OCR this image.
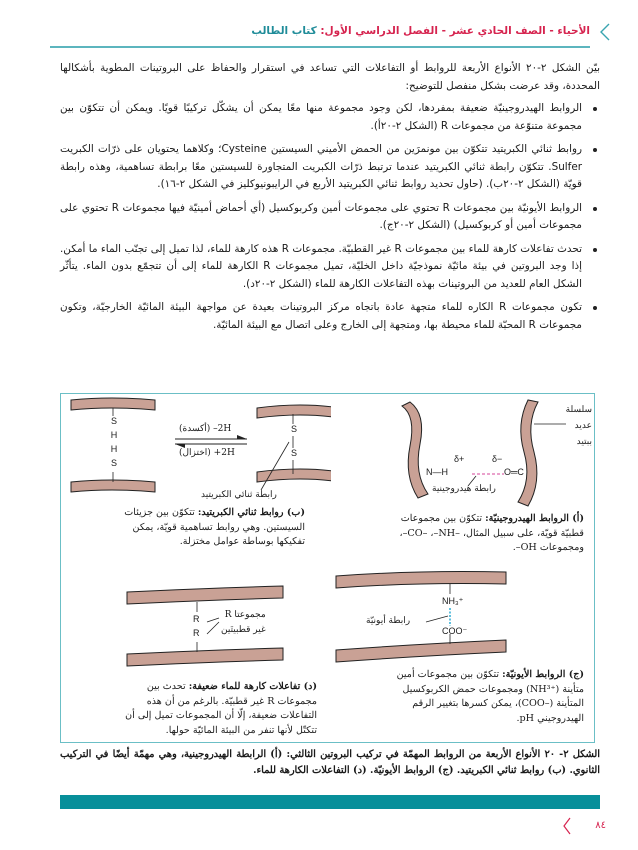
الأحياء - الصف الحادي عشر - الفصل الدراسي الأول: كتاب الطالب

بيّن الشكل ٢-٢٠ الأنواع الأربعة للروابط أو التفاعلات التي تساعد في استقرار والحفاظ على البروتينات المطوية بأشكالها المحددة، وقد عرضت بشكل منفصل للتوضيح:

الروابط الهيدروجينيّة ضعيفة بمفردها، لكن وجود مجموعة منها معًا يمكن أن يشكّل تركيبًا قويًا. ويمكن أن تتكوّن بين مجموعة متنوّعة من مجموعات R (الشكل ٢-٢٠أ).
روابط ثنائي الكبريتيد تتكوّن بين مونمرَين من الحمض الأميني السيستين Cysteine؛ وكلاهما يحتويان على ذرّات الكبريت Sulfer. تتكوّن رابطة ثنائي الكبريتيد عندما ترتبط ذرّات الكبريت المتجاورة للسيستين معًا برابطة تساهمية، وهذه رابطة قويّة (الشكل ٢-٢٠ب). (حاول تحديد روابط ثنائي الكبريتيد الأربع في الرايبونيوكليز في الشكل ٢-١٦).
الروابط الأيونيّة بين مجموعات R تحتوي على مجموعات أمين وكربوكسيل (أي أحماض أمينيّة فيها مجموعات R تحتوي على مجموعات أمين أو كربوكسيل) (الشكل ٢-٢٠ج).
تحدث تفاعلات كارهة للماء بين مجموعات R غير القطبيّة. مجموعات R هذه كارهة للماء، لذا تميل إلى تجنّب الماء ما أمكن. إذا وجد البروتين في بيئة مائيّة نموذجيّة داخل الخليّة، تميل مجموعات R الكارهة للماء إلى أن تتجمّع بدون الماء. يتأثّر الشكل العام للعديد من البروتينات بهذه التفاعلات الكارهة للماء (الشكل ٢-٢٠د).
تكون مجموعات R الكاره للماء متجهة عادة باتجاه مركز البروتينات بعيدة عن مواجهة البيئة المائيّة الخارجيّة، وتكون مجموعات R المحبّة للماء محيطة بها، ومتجهة إلى الخارج وعلى اتصال مع البيئة المائيّة.
N—H	O═C
δ+	δ−
رابطة هيدروجينية
سلسلة
عديد
ببتيد
(أ) الروابط الهيدروجينيّة: تتكوّن بين مجموعات قطبيّة قويّة، على سبيل المثال، ‎–CO–‎ ،‎–NH–‎، ومجموعات ‎–OH‎.
S
H
H
S
S
S
‎–2H‎ (أكسدة)
‎+2H‎ (اختزال)
رابطة ثنائي الكبريتيد
(ب) روابط ثنائي الكبريتيد: تتكوّن بين جزيئات السيستين. وهي روابط تساهمية قويّة، يمكن تفكيكها بوساطة عوامل مختزلة.
NH₃⁺
COO⁻
رابطة أيونيّة
(ج) الروابط الأيونيّة: تتكوّن بين مجموعات أمين متأينة (‎NH³⁺‎) ومجموعات حمض الكربوكسيل المتأينة (‎COO–‎)، يمكن كسرها بتغيير الرقم الهيدروجيني pH.
R
R
مجموعتا R
غير قطبيتَين
(د) تفاعلات كارهة للماء ضعيفة: تحدث بين مجموعات R غير قطبيّة. بالرغم من أن هذه التفاعلات ضعيفة، إلّا أن المجموعات تميل إلى أن تتكتّل لأنها تنفر من البيئة المائيّة حولها.
الشكل ٢- ٢٠ الأنواع الأربعة من الروابط المهمّة في تركيب البروتين الثالثي: (أ) الرابطة الهيدروجينية، وهي مهمّة أيضًا في التركيب الثانوي. (ب) روابط ثنائي الكبريتيد. (ج) الروابط الأيونيّة. (د) التفاعلات الكارهة للماء.
٨٤
